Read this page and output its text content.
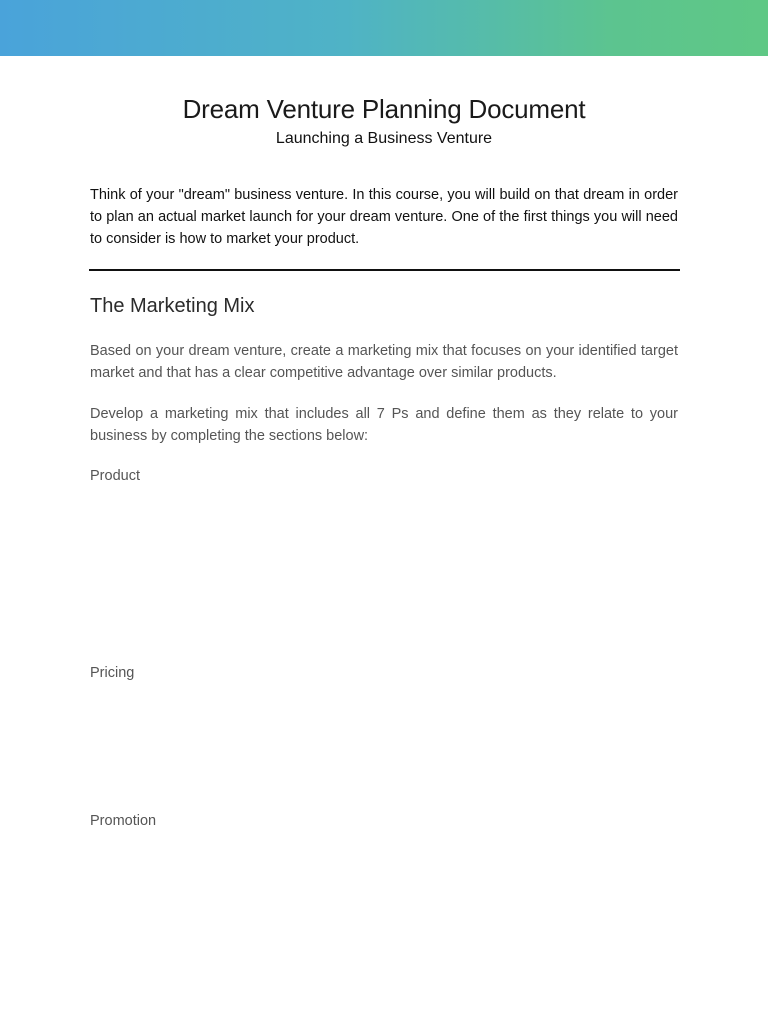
Dream Venture Planning Document
Launching a Business Venture

Think of your "dream" business venture. In this course, you will build on that dream in order to plan an actual market launch for your dream venture. One of the first things you will need to consider is how to market your product.

The Marketing Mix

Based on your dream venture, create a marketing mix that focuses on your identified target market and that has a clear competitive advantage over similar products.

Develop a marketing mix that includes all 7 Ps and define them as they relate to your business by completing the sections below:

Product
Pricing
Promotion
